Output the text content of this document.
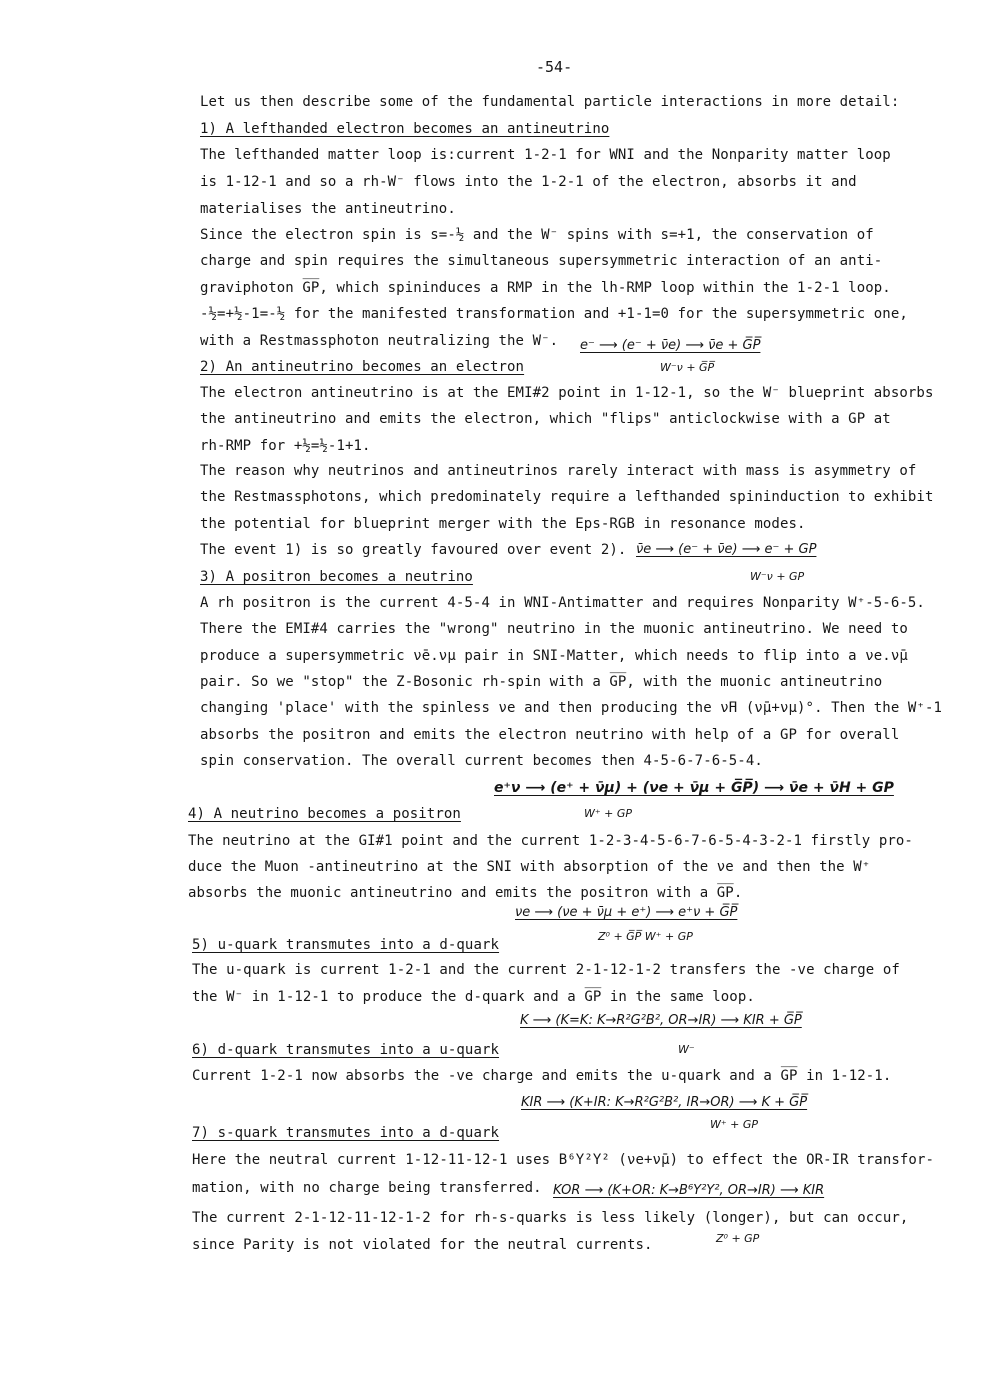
-54-
Let us then describe some of the fundamental particle interactions in more detail:
1) A lefthanded electron becomes an antineutrino
The lefthanded matter loop is:current 1-2-1 for WNI and the Nonparity matter loop
is 1-12-1 and so a rh-W⁻ flows into the 1-2-1 of the electron, absorbs it and
materialises the antineutrino.
Since the electron spin is s=-½ and the W⁻ spins with s=+1, the conservation of
charge and spin requires the simultaneous supersymmetric interaction of an anti-
graviphoton G̅P̅, which spininduces a RMP in the lh-RMP loop within the 1-2-1 loop.
-½=+½-1=-½ for the manifested transformation and +1-1=0 for the supersymmetric one,
with a Restmassphoton neutralizing the W⁻. e⁻ ⟶ (e⁻ + ν̄e) ⟶ ν̄e + G̅P̅
W⁻ν + G̅P̅
2) An antineutrino becomes an electron
The electron antineutrino is at the EMI#2 point in 1-12-1, so the W⁻ blueprint absorbs
the antineutrino and emits the electron, which "flips" anticlockwise with a GP at
rh-RMP for +½=½-1+1.
The reason why neutrinos and antineutrinos rarely interact with mass is asymmetry of
the Restmassphotons, which predominately require a lefthanded spininduction to exhibit
the potential for blueprint merger with the Eps-RGB in resonance modes.
The event 1) is so greatly favoured over event 2). ν̄e ⟶ (e⁻ + ν̄e) ⟶ e⁻ + GP
W⁻ν + GP
3) A positron becomes a neutrino
A rh positron is the current 4-5-4 in WNI-Antimatter and requires Nonparity W⁺-5-6-5.
There the EMI#4 carries the "wrong" neutrino in the muonic antineutrino. We need to
produce a supersymmetric ν̄e.νμ pair in SNI-Matter, which needs to flip into a νe.ν̄μ
pair. So we "stop" the Z-Bosonic rh-spin with a G̅P̅, with the muonic antineutrino
changing 'place' with the spinless νe and then producing the ν̄H (ν̄μ+νμ)°. Then the W⁺-1
absorbs the positron and emits the electron neutrino with help of a GP for overall
spin conservation. The overall current becomes then 4-5-6-7-6-5-4.
e⁺ν ⟶ (e⁺ + ν̄μ) + (νe + ν̄μ + G̅P̅) ⟶ ν̄e + ν̄H + GP
W⁺ + GP
4) A neutrino becomes a positron
The neutrino at the GI#1 point and the current 1-2-3-4-5-6-7-6-5-4-3-2-1 firstly pro-
duce the Muon -antineutrino at the SNI with absorption of the νe and then the W⁺
absorbs the muonic antineutrino and emits the positron with a G̅P̅.
νe ⟶ (νe + ν̄μ + e⁺) ⟶ e⁺ν + G̅P̅
Z⁰ + G̅P̅ W⁺ + GP
5) u-quark transmutes into a d-quark
The u-quark is current 1-2-1 and the current 2-1-12-1-2 transfers the -ve charge of
the W⁻ in 1-12-1 to produce the d-quark and a G̅P̅ in the same loop.
K ⟶ (K=K: K→R²G²B², OR→IR) ⟶ KIR + G̅P̅
W⁻
6) d-quark transmutes into a u-quark
Current 1-2-1 now absorbs the -ve charge and emits the u-quark and a G̅P̅ in 1-12-1.
KIR ⟶ (K+IR: K→R²G²B², IR→OR) ⟶ K + G̅P̅
W⁺ + GP
7) s-quark transmutes into a d-quark
Here the neutral current 1-12-11-12-1 uses B⁶Y²Y² (νe+ν̄μ) to effect the OR-IR transfor-
mation, with no charge being transferred. KOR ⟶ (K+OR: K→B⁶Y²Y², OR→IR) ⟶ KIR
The current 2-1-12-11-12-1-2 for rh-s-quarks is less likely (longer), but can occur,
since Parity is not violated for the neutral currents.	Z⁰ + GP
